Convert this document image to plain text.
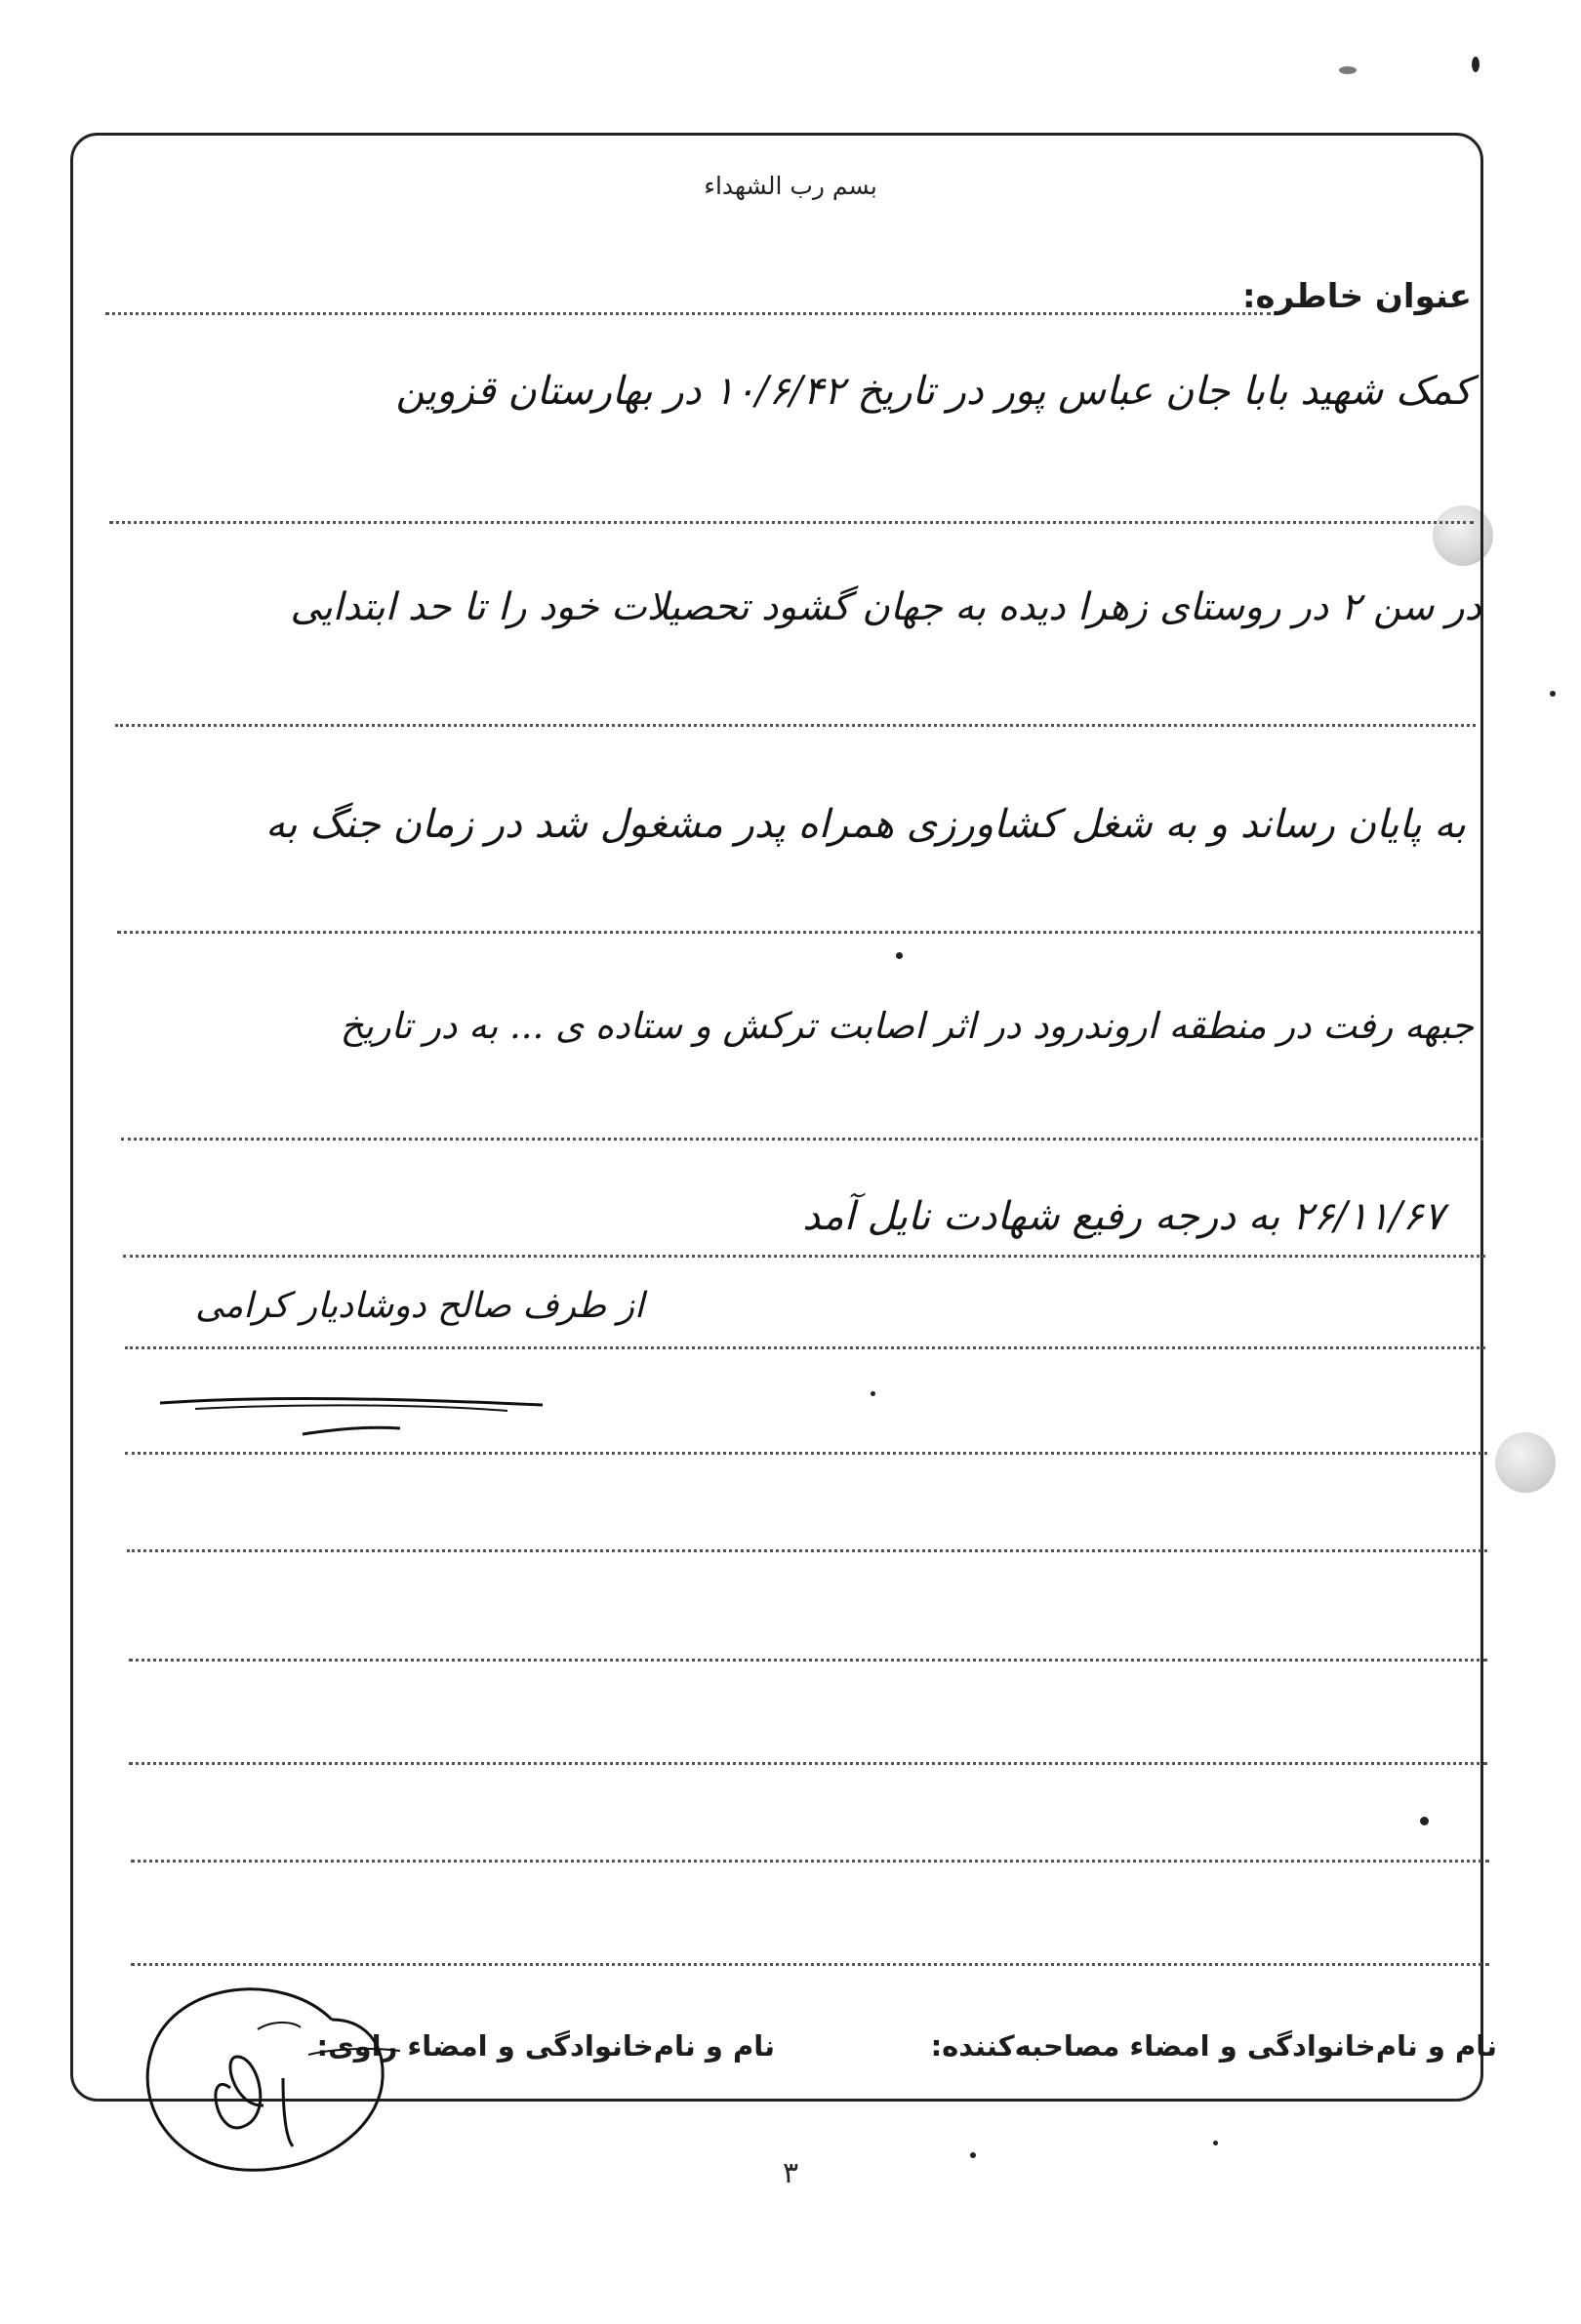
بسم رب الشهداء
عنوان خاطره:
کمک شهید بابا جان عباس پور در تاریخ ۱۰/۶/۴۲ در بهارستان قزوین
در سن ۲ در روستای زهرا دیده به جهان گشود تحصیلات خود را تا حد ابتدایی
به پایان رساند و به شغل کشاورزی همراه پدر مشغول شد در زمان جنگ به
جبهه رفت در منطقه اروندرود در اثر اصابت ترکش و ستاده ی ... به در تاریخ
۲۶/۱۱/۶۷ به درجه رفیع شهادت نایل آمد
از طرف صالح دوشادیار کرامی
نام و نام‌خانوادگی و امضاء مصاحبه‌کننده:
نام و نام‌خانوادگی و امضاء راوی:
۳
